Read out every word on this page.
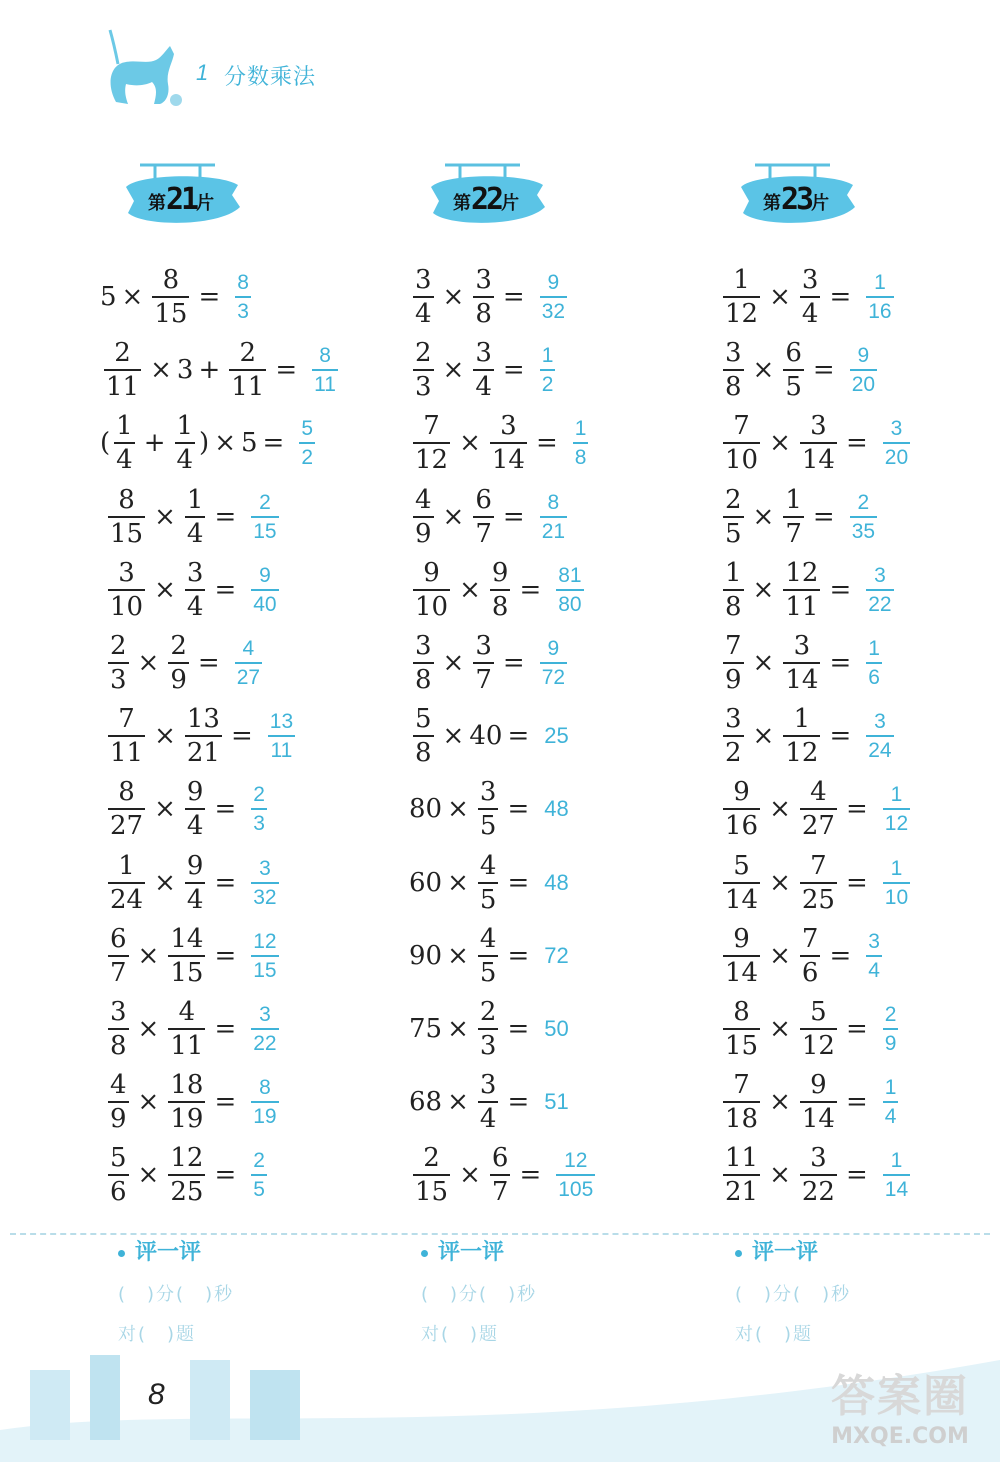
1 分数乘法
第21片
5 ×
8
15
= 8
3
2
11
× 3 +
2
11
= 8
11
(
1
4
+
1
4
) × 5 = 5
2
8
15
×
1
4
= 2
15
3
10
×
3
4
= 9
40
2
3
×
2
9
= 4
27
7
11
×
13
21
= 13
11
8
27
×
9
4
= 2
3
1
24
×
9
4
= 3
32
6
7
×
14
15
= 12
15
3
8
×
4
11
= 3
22
4
9
×
18
19
= 8
19
5
6
×
12
25
= 2
5
评一评
(　)分(　)秒
对(　)题
第22片
3
4
×
3
8
= 9
32
2
3
×
3
4
= 1
2
7
12
×
3
14
= 1
8
4
9
×
6
7
= 8
21
9
10
×
9
8
= 81
80
3
8
×
3
7
= 9
72
5
8
× 40 = 25
80 ×
3
5
= 48
60 ×
4
5
= 48
90 ×
4
5
= 72
75 ×
2
3
= 50
68 ×
3
4
= 51
2
15
×
6
7
= 12
105
评一评
(　)分(　)秒
对(　)题
第23片
1
12
×
3
4
= 1
16
3
8
×
6
5
= 9
20
7
10
×
3
14
= 3
20
2
5
×
1
7
= 2
35
1
8
×
12
11
= 3
22
7
9
×
3
14
= 1
6
3
2
×
1
12
= 3
24
9
16
×
4
27
= 1
12
5
14
×
7
25
= 1
10
9
14
×
7
6
= 3
4
8
15
×
5
12
= 2
9
7
18
×
9
14
= 1
4
11
21
×
3
22
= 1
14
评一评
(　)分(　)秒
对(　)题
8	答案圈
MXQE.COM
